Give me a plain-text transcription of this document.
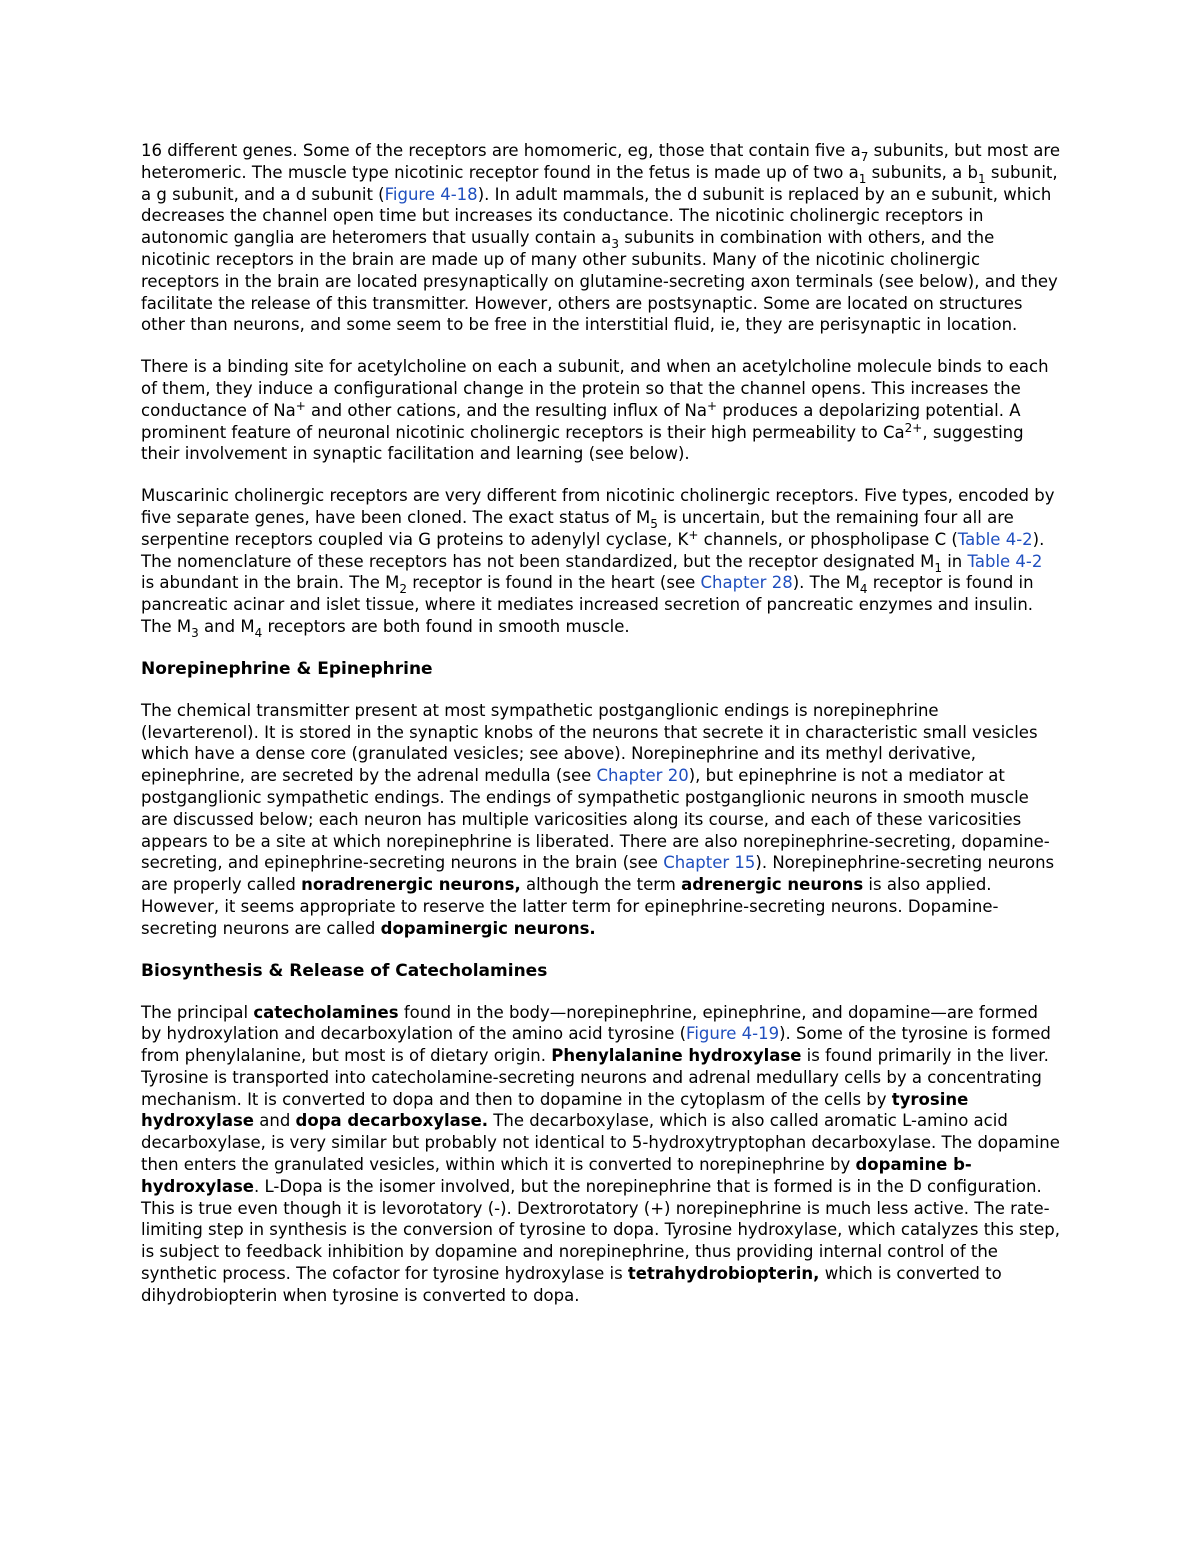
16 different genes. Some of the receptors are homomeric, eg, those that contain five $a_7$ subunits, but most are heteromeric. The muscle type nicotinic receptor found in the fetus is made up of two $a_1$ subunits, a $b_1$ subunit, a g subunit, and a d subunit (Figure 4-18). In adult mammals, the d subunit is replaced by an e subunit, which decreases the channel open time but increases its conductance. The nicotinic cholinergic receptors in autonomic ganglia are heteromers that usually contain $a_3$ subunits in combination with others, and the nicotinic receptors in the brain are made up of many other subunits. Many of the nicotinic cholinergic receptors in the brain are located presynaptically on glutamine-secreting axon terminals (see below), and they facilitate the release of this transmitter. However, others are postsynaptic. Some are located on structures other than neurons, and some seem to be free in the interstitial fluid, ie, they are perisynaptic in location.

There is a binding site for acetylcholine on each a subunit, and when an acetylcholine molecule binds to each of them, they induce a configurational change in the protein so that the channel opens. This increases the conductance of Na+ and other cations, and the resulting influx of Na+ produces a depolarizing potential. A prominent feature of neuronal nicotinic cholinergic receptors is their high permeability to $Ca^{2+}$, suggesting their involvement in synaptic facilitation and learning (see below).

Muscarinic cholinergic receptors are very different from nicotinic cholinergic receptors. Five types, encoded by five separate genes, have been cloned. The exact status of $M_5$ is uncertain, but the remaining four all are serpentine receptors coupled via G proteins to adenylyl cyclase, K+ channels, or phospholipase C (Table 4-2). The nomenclature of these receptors has not been standardized, but the receptor designated $M_1$ in Table 4-2 is abundant in the brain. The $M_2$ receptor is found in the heart (see Chapter 28). The $M_4$ receptor is found in pancreatic acinar and islet tissue, where it mediates increased secretion of pancreatic enzymes and insulin. The $M_3$ and $M_4$ receptors are both found in smooth muscle.

Norepinephrine & Epinephrine

The chemical transmitter present at most sympathetic postganglionic endings is norepinephrine (levarterenol). It is stored in the synaptic knobs of the neurons that secrete it in characteristic small vesicles which have a dense core (granulated vesicles; see above). Norepinephrine and its methyl derivative, epinephrine, are secreted by the adrenal medulla (see Chapter 20), but epinephrine is not a mediator at postganglionic sympathetic endings. The endings of sympathetic postganglionic neurons in smooth muscle are discussed below; each neuron has multiple varicosities along its course, and each of these varicosities appears to be a site at which norepinephrine is liberated. There are also norepinephrine-secreting, dopamine-secreting, and epinephrine-secreting neurons in the brain (see Chapter 15). Norepinephrine-secreting neurons are properly called noradrenergic neurons, although the term adrenergic neurons is also applied. However, it seems appropriate to reserve the latter term for epinephrine-secreting neurons. Dopamine-secreting neurons are called dopaminergic neurons.

Biosynthesis & Release of Catecholamines

The principal catecholamines found in the body—norepinephrine, epinephrine, and dopamine—are formed by hydroxylation and decarboxylation of the amino acid tyrosine (Figure 4-19). Some of the tyrosine is formed from phenylalanine, but most is of dietary origin. Phenylalanine hydroxylase is found primarily in the liver. Tyrosine is transported into catecholamine-secreting neurons and adrenal medullary cells by a concentrating mechanism. It is converted to dopa and then to dopamine in the cytoplasm of the cells by tyrosine hydroxylase and dopa decarboxylase. The decarboxylase, which is also called aromatic L-amino acid decarboxylase, is very similar but probably not identical to 5-hydroxytryptophan decarboxylase. The dopamine then enters the granulated vesicles, within which it is converted to norepinephrine by dopamine b-hydroxylase. L-Dopa is the isomer involved, but the norepinephrine that is formed is in the D configuration. This is true even though it is levorotatory (-). Dextrorotatory (+) norepinephrine is much less active. The rate-limiting step in synthesis is the conversion of tyrosine to dopa. Tyrosine hydroxylase, which catalyzes this step, is subject to feedback inhibition by dopamine and norepinephrine, thus providing internal control of the synthetic process. The cofactor for tyrosine hydroxylase is tetrahydrobiopterin, which is converted to dihydrobiopterin when tyrosine is converted to dopa.
